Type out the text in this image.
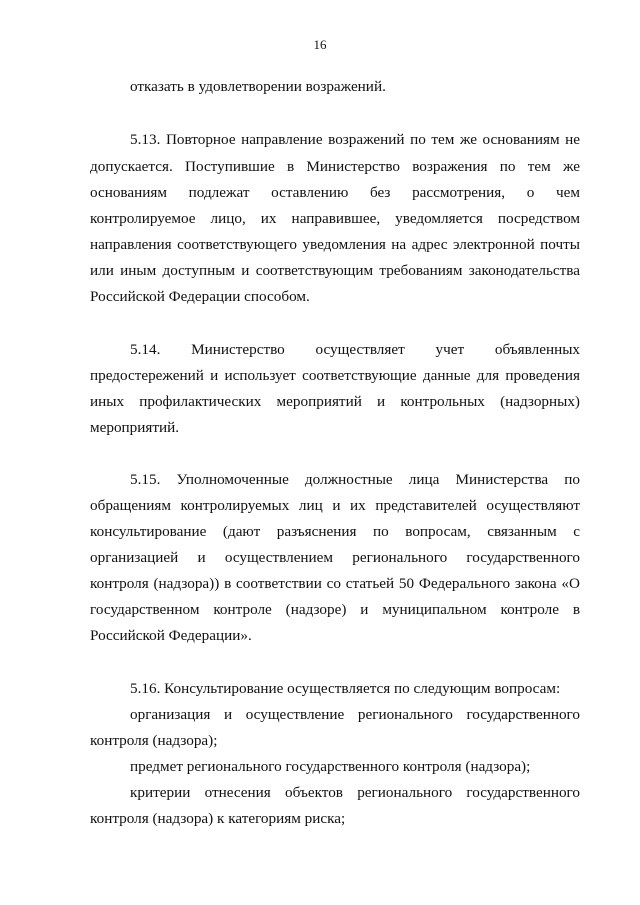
16
отказать в удовлетворении возражений.
5.13. Повторное направление возражений по тем же основаниям не
допускается. Поступившие в Министерство возражения по тем же
основаниям подлежат оставлению без рассмотрения, о чем
контролируемое лицо, их направившее, уведомляется посредством
направления соответствующего уведомления на адрес электронной почты
или иным доступным и соответствующим требованиям законодательства
Российской Федерации способом.
5.14. Министерство осуществляет учет объявленных
предостережений и использует соответствующие данные для проведения
иных профилактических мероприятий и контрольных (надзорных)
мероприятий.
5.15. Уполномоченные должностные лица Министерства по
обращениям контролируемых лиц и их представителей осуществляют
консультирование (дают разъяснения по вопросам, связанным с
организацией и осуществлением регионального государственного
контроля (надзора)) в соответствии со статьей 50 Федерального закона «О
государственном контроле (надзоре) и муниципальном контроле в
Российской Федерации».
5.16. Консультирование осуществляется по следующим вопросам:
организация и осуществление регионального государственного
контроля (надзора);
предмет регионального государственного контроля (надзора);
критерии отнесения объектов регионального государственного
контроля (надзора) к категориям риска;
